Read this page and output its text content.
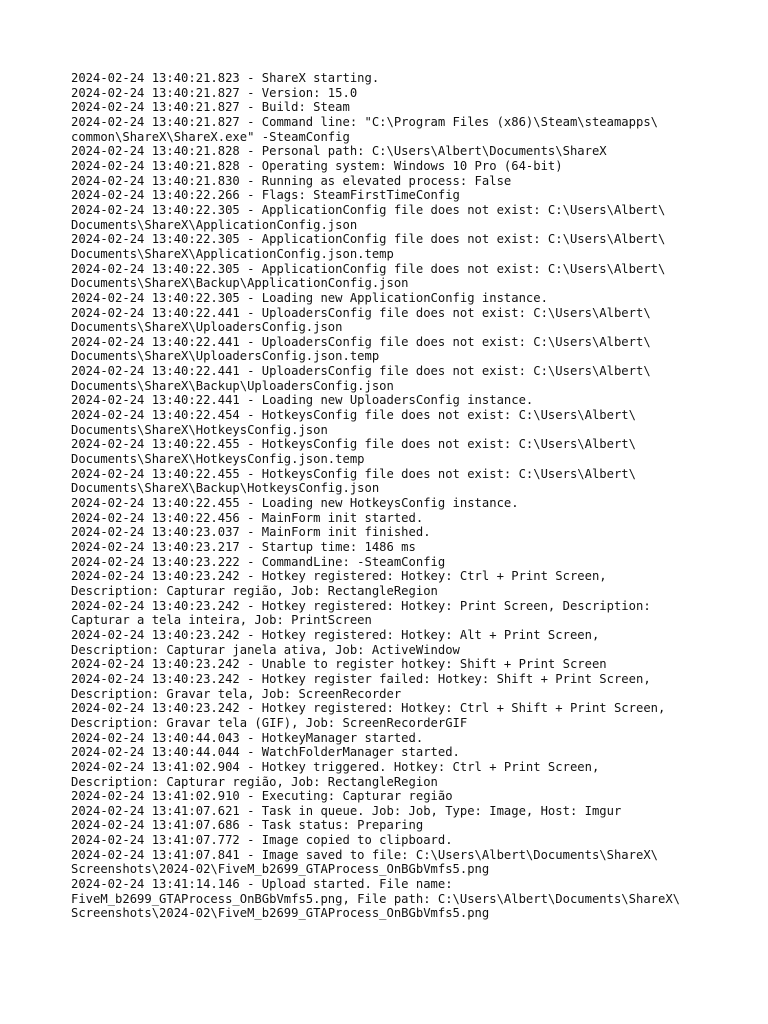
2024-02-24 13:40:21.823 - ShareX starting.
2024-02-24 13:40:21.827 - Version: 15.0
2024-02-24 13:40:21.827 - Build: Steam
2024-02-24 13:40:21.827 - Command line: "C:\Program Files (x86)\Steam\steamapps\
common\ShareX\ShareX.exe" -SteamConfig
2024-02-24 13:40:21.828 - Personal path: C:\Users\Albert\Documents\ShareX
2024-02-24 13:40:21.828 - Operating system: Windows 10 Pro (64-bit)
2024-02-24 13:40:21.830 - Running as elevated process: False
2024-02-24 13:40:22.266 - Flags: SteamFirstTimeConfig
2024-02-24 13:40:22.305 - ApplicationConfig file does not exist: C:\Users\Albert\
Documents\ShareX\ApplicationConfig.json
2024-02-24 13:40:22.305 - ApplicationConfig file does not exist: C:\Users\Albert\
Documents\ShareX\ApplicationConfig.json.temp
2024-02-24 13:40:22.305 - ApplicationConfig file does not exist: C:\Users\Albert\
Documents\ShareX\Backup\ApplicationConfig.json
2024-02-24 13:40:22.305 - Loading new ApplicationConfig instance.
2024-02-24 13:40:22.441 - UploadersConfig file does not exist: C:\Users\Albert\
Documents\ShareX\UploadersConfig.json
2024-02-24 13:40:22.441 - UploadersConfig file does not exist: C:\Users\Albert\
Documents\ShareX\UploadersConfig.json.temp
2024-02-24 13:40:22.441 - UploadersConfig file does not exist: C:\Users\Albert\
Documents\ShareX\Backup\UploadersConfig.json
2024-02-24 13:40:22.441 - Loading new UploadersConfig instance.
2024-02-24 13:40:22.454 - HotkeysConfig file does not exist: C:\Users\Albert\
Documents\ShareX\HotkeysConfig.json
2024-02-24 13:40:22.455 - HotkeysConfig file does not exist: C:\Users\Albert\
Documents\ShareX\HotkeysConfig.json.temp
2024-02-24 13:40:22.455 - HotkeysConfig file does not exist: C:\Users\Albert\
Documents\ShareX\Backup\HotkeysConfig.json
2024-02-24 13:40:22.455 - Loading new HotkeysConfig instance.
2024-02-24 13:40:22.456 - MainForm init started.
2024-02-24 13:40:23.037 - MainForm init finished.
2024-02-24 13:40:23.217 - Startup time: 1486 ms
2024-02-24 13:40:23.222 - CommandLine: -SteamConfig
2024-02-24 13:40:23.242 - Hotkey registered: Hotkey: Ctrl + Print Screen,
Description: Capturar região, Job: RectangleRegion
2024-02-24 13:40:23.242 - Hotkey registered: Hotkey: Print Screen, Description:
Capturar a tela inteira, Job: PrintScreen
2024-02-24 13:40:23.242 - Hotkey registered: Hotkey: Alt + Print Screen,
Description: Capturar janela ativa, Job: ActiveWindow
2024-02-24 13:40:23.242 - Unable to register hotkey: Shift + Print Screen
2024-02-24 13:40:23.242 - Hotkey register failed: Hotkey: Shift + Print Screen,
Description: Gravar tela, Job: ScreenRecorder
2024-02-24 13:40:23.242 - Hotkey registered: Hotkey: Ctrl + Shift + Print Screen,
Description: Gravar tela (GIF), Job: ScreenRecorderGIF
2024-02-24 13:40:44.043 - HotkeyManager started.
2024-02-24 13:40:44.044 - WatchFolderManager started.
2024-02-24 13:41:02.904 - Hotkey triggered. Hotkey: Ctrl + Print Screen,
Description: Capturar região, Job: RectangleRegion
2024-02-24 13:41:02.910 - Executing: Capturar região
2024-02-24 13:41:07.621 - Task in queue. Job: Job, Type: Image, Host: Imgur
2024-02-24 13:41:07.686 - Task status: Preparing
2024-02-24 13:41:07.772 - Image copied to clipboard.
2024-02-24 13:41:07.841 - Image saved to file: C:\Users\Albert\Documents\ShareX\
Screenshots\2024-02\FiveM_b2699_GTAProcess_OnBGbVmfs5.png
2024-02-24 13:41:14.146 - Upload started. File name:
FiveM_b2699_GTAProcess_OnBGbVmfs5.png, File path: C:\Users\Albert\Documents\ShareX\
Screenshots\2024-02\FiveM_b2699_GTAProcess_OnBGbVmfs5.png
